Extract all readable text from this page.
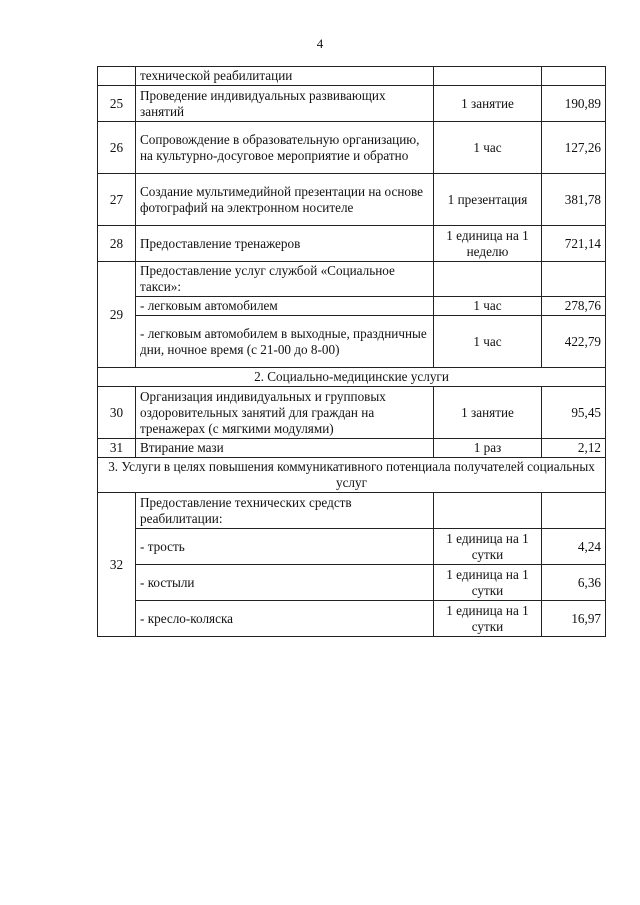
4
	технической реабилитации		
25	Проведение индивидуальных развивающих занятий	1 занятие	190,89
26	Сопровождение в образовательную организацию, на культурно-досуговое мероприятие и обратно	1 час	127,26
27	Создание мультимедийной презентации на основе фотографий на электронном носителе	1 презентация	381,78
28	Предоставление тренажеров	1 единица на 1 неделю	721,14
29	Предоставление услуг службой «Социальное такси»:		
	- легковым автомобилем	1 час	278,76
	- легковым автомобилем в выходные, праздничные дни, ночное время (с 21-00 до 8-00)	1 час	422,79
2. Социально-медицинские услуги			
30	Организация индивидуальных и групповых оздоровительных занятий для граждан на тренажерах (с мягкими модулями)	1 занятие	95,45
31	Втирание мази	1 раз	2,12
3. Услуги в целях повышения коммуникативного потенциала получателей социальных услуг			
32	Предоставление технических средств реабилитации:		
	- трость	1 единица на 1 сутки	4,24
	- костыли	1 единица на 1 сутки	6,36
	- кресло-коляска	1 единица на 1 сутки	16,97
